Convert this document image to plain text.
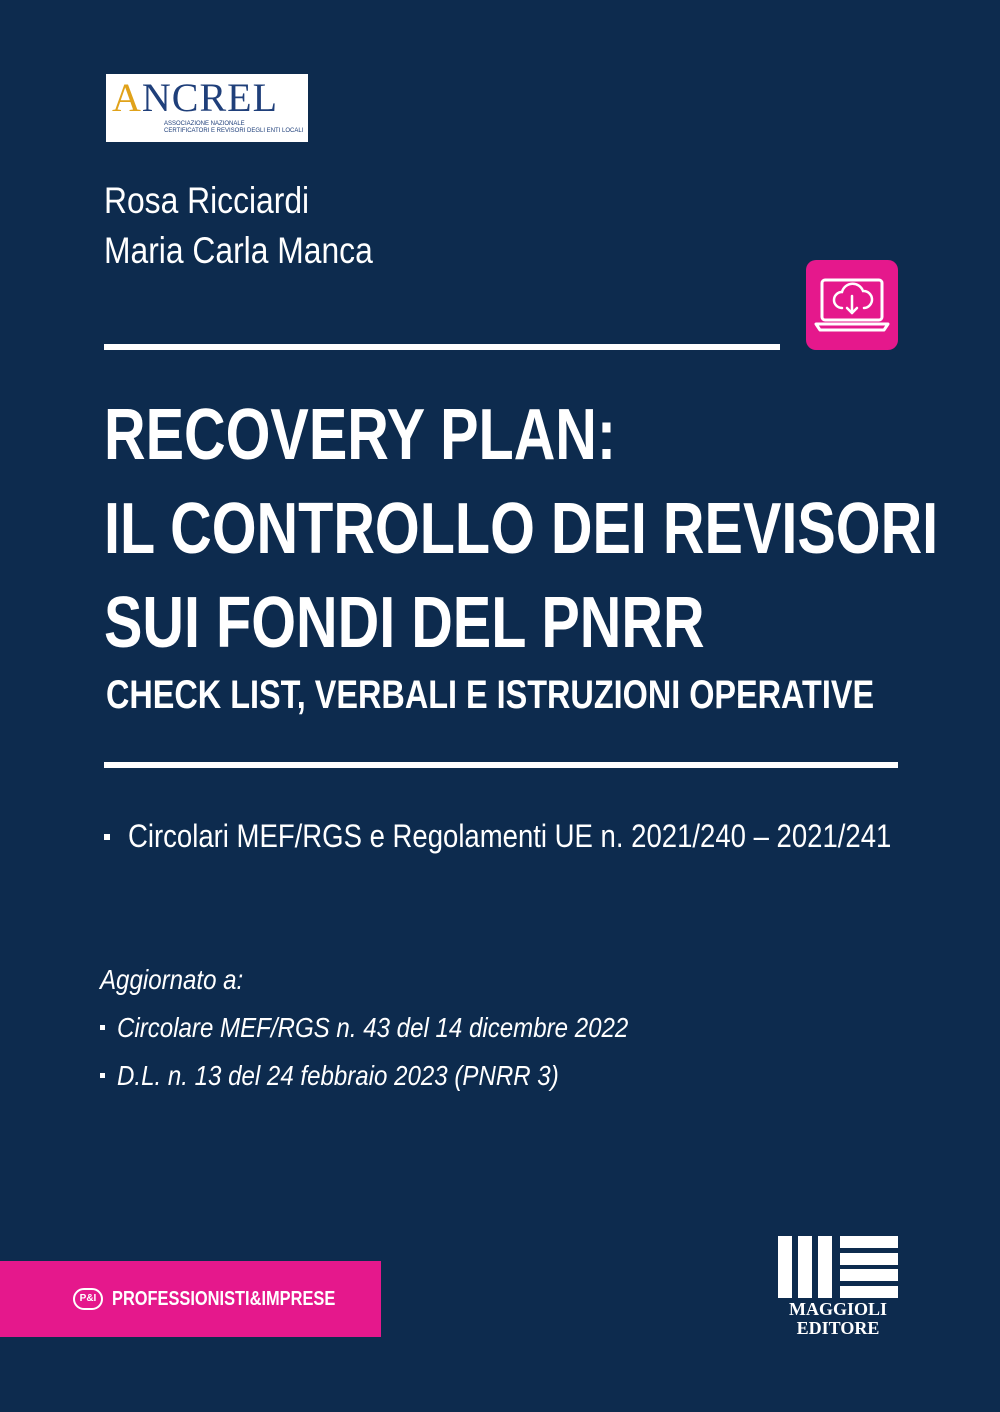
ANCREL
ASSOCIAZIONE NAZIONALE
CERTIFICATORI E REVISORI DEGLI ENTI LOCALI
Rosa Ricciardi
Maria Carla Manca
RECOVERY PLAN:
IL CONTROLLO DEI REVISORI
SUI FONDI DEL PNRR
CHECK LIST, VERBALI E ISTRUZIONI OPERATIVE
Circolari MEF/RGS e Regolamenti UE n. 2021/240 – 2021/241
Aggiornato a:
Circolare MEF/RGS n. 43 del 14 dicembre 2022
D.L. n. 13 del 24 febbraio 2023 (PNRR 3)
P&I PROFESSIONISTI&IMPRESE	MAGGIOLI
EDITORE
